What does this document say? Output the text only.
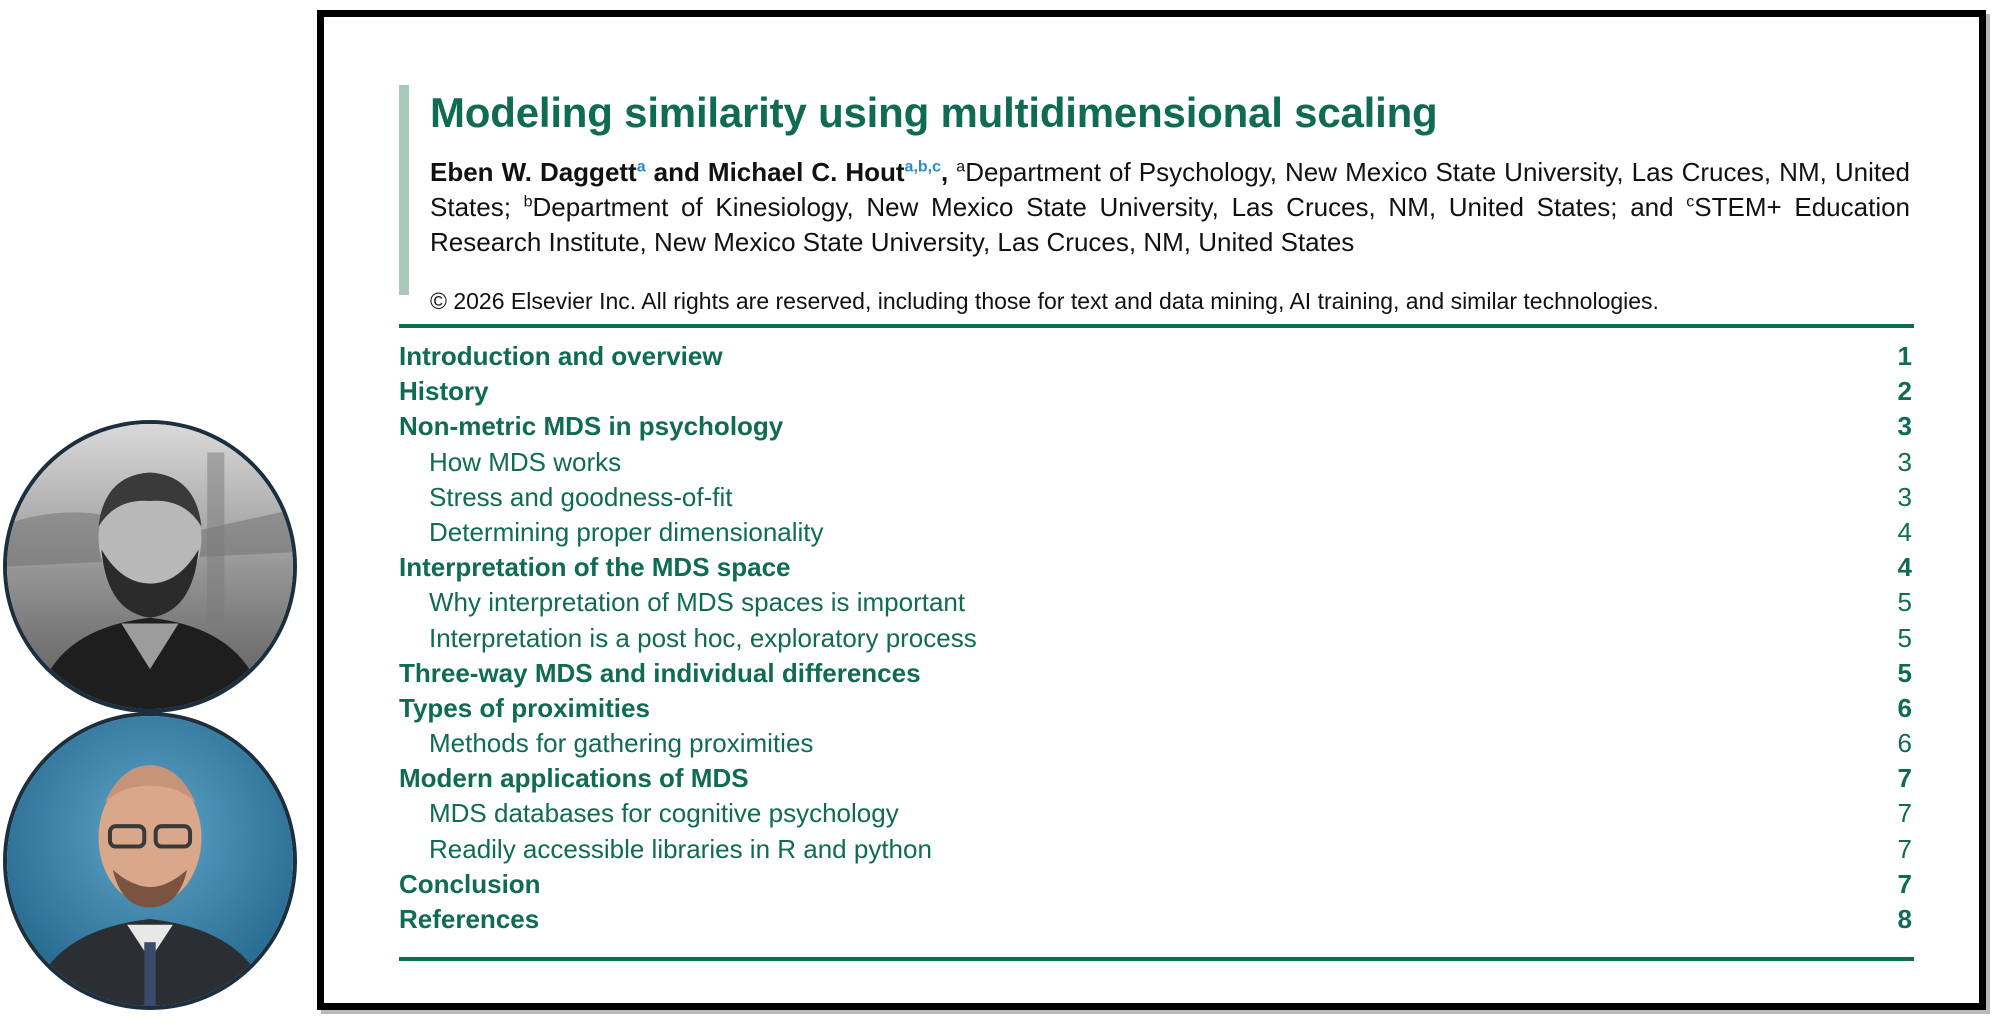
Modeling similarity using multidimensional scaling

Eben W. Daggett$^a$ and Michael C. Hout$^{a,b,c}$, $^a$Department of Psychology, New Mexico State University, Las Cruces, NM, United States; $^b$Department of Kinesiology, New Mexico State University, Las Cruces, NM, United States; and $^c$STEM+ Education Research Institute, New Mexico State University, Las Cruces, NM, United States

© 2026 Elsevier Inc. All rights are reserved, including those for text and data mining, AI training, and similar technologies.

Introduction and overview	1
History	2
Non-metric MDS in psychology	3
How MDS works	3
Stress and goodness-of-fit	3
Determining proper dimensionality	4
Interpretation of the MDS space	4
Why interpretation of MDS spaces is important	5
Interpretation is a post hoc, exploratory process	5
Three-way MDS and individual differences	5
Types of proximities	6
Methods for gathering proximities	6
Modern applications of MDS	7
MDS databases for cognitive psychology	7
Readily accessible libraries in R and python	7
Conclusion	7
References	8
